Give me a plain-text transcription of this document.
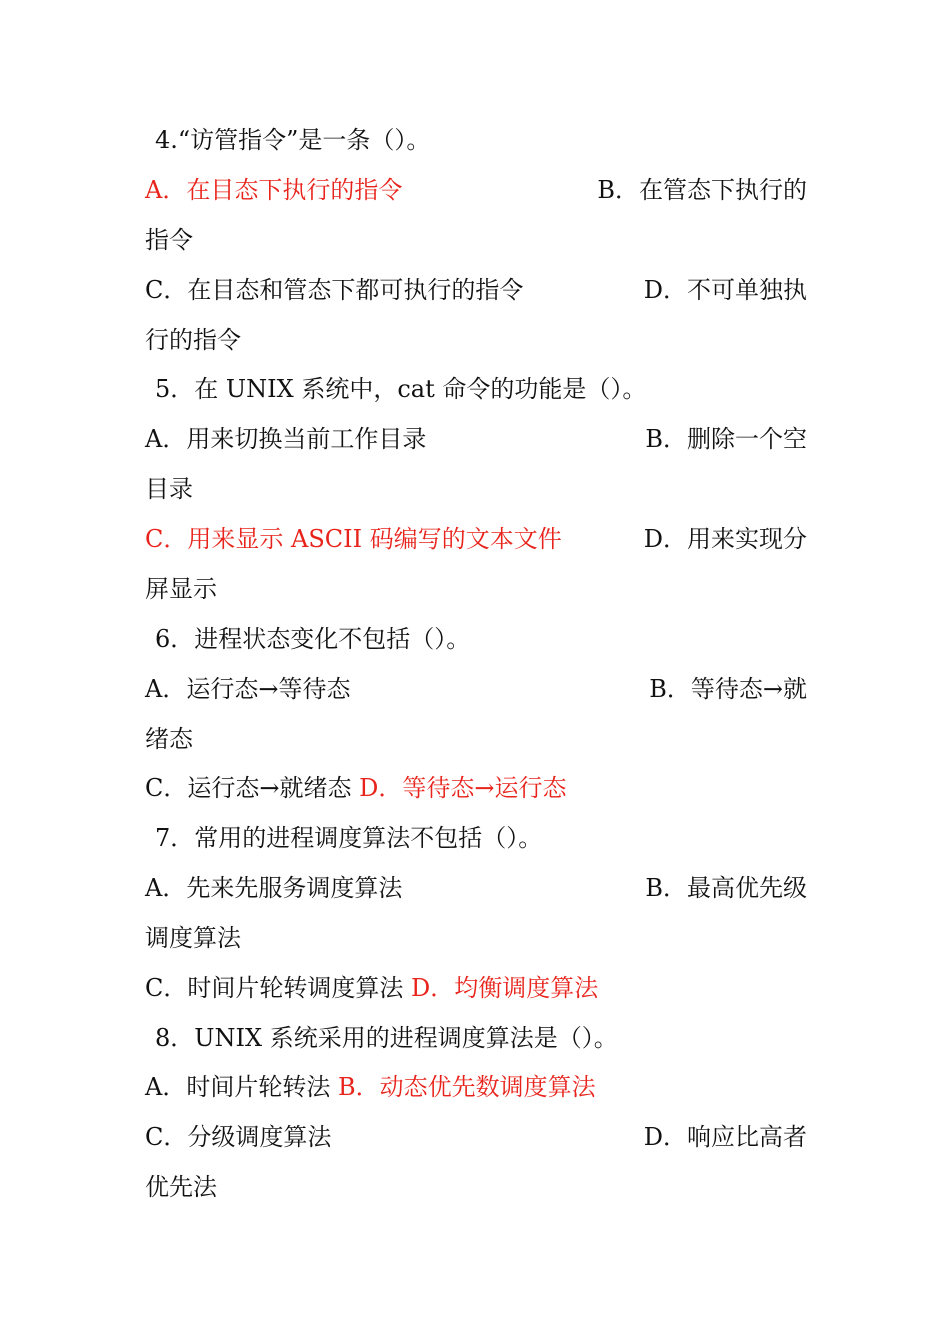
4.“访管指令”是一条（）。
A．在目态下执行的指令	B．在管态下执行的
指令
C．在目态和管态下都可执行的指令	D．不可单独执
行的指令
5．在 UNIX 系统中，cat 命令的功能是（）。
A．用来切换当前工作目录	B．删除一个空
目录
C．用来显示 ASCII 码编写的文本文件	D．用来实现分
屏显示
6．进程状态变化不包括（）。
A．运行态→等待态	B．等待态→就
绪态
C．运行态→就绪态 D．等待态→运行态
7．常用的进程调度算法不包括（）。
A．先来先服务调度算法	B．最高优先级
调度算法
C．时间片轮转调度算法 D．均衡调度算法
8．UNIX 系统采用的进程调度算法是（）。
A．时间片轮转法 B．动态优先数调度算法
C．分级调度算法	D．响应比高者
优先法
